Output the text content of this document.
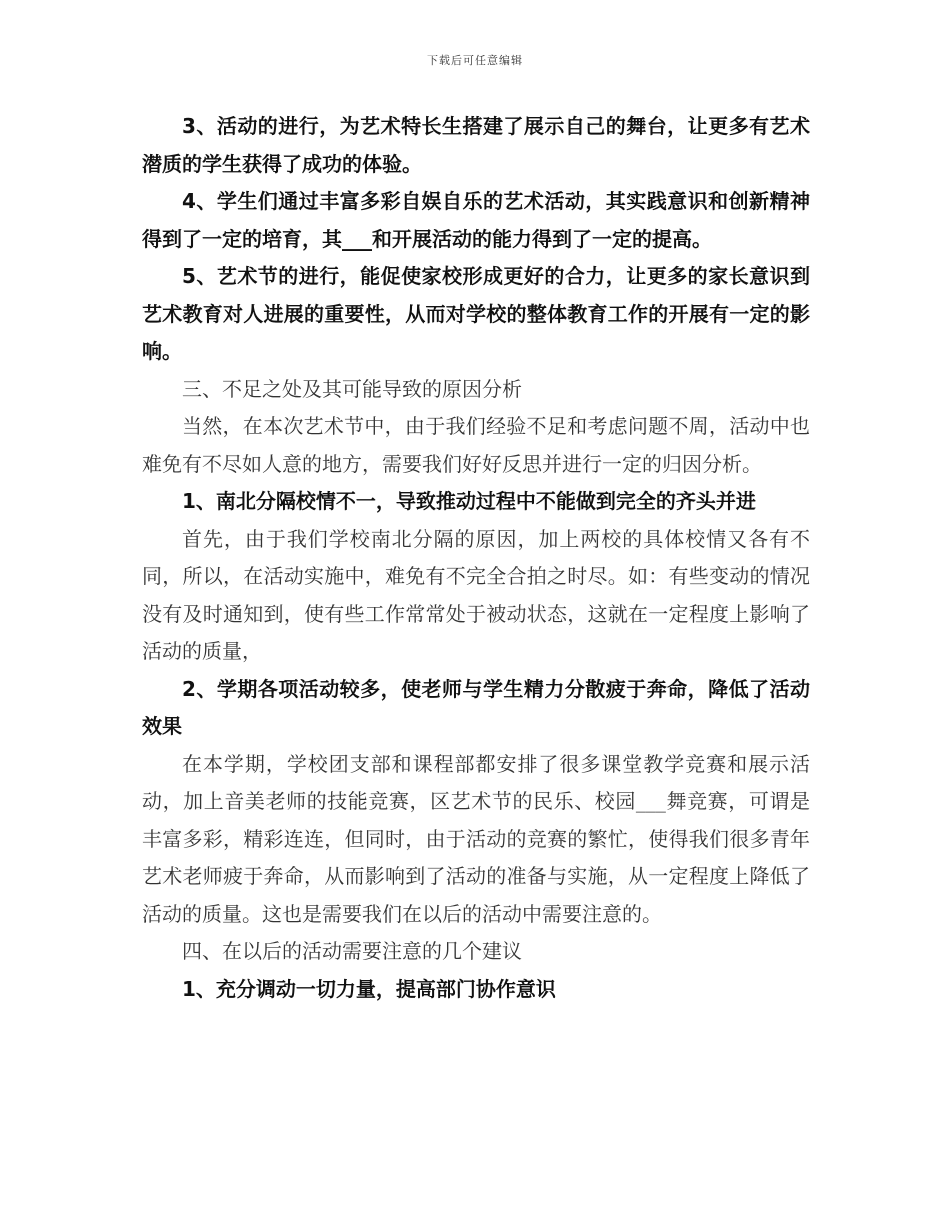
下载后可任意编辑

3、活动的进行，为艺术特长生搭建了展示自己的舞台，让更多有艺术潜质的学生获得了成功的体验。

4、学生们通过丰富多彩自娱自乐的艺术活动，其实践意识和创新精神得到了一定的培育，其___和开展活动的能力得到了一定的提高。

5、艺术节的进行，能促使家校形成更好的合力，让更多的家长意识到艺术教育对人进展的重要性，从而对学校的整体教育工作的开展有一定的影响。

三、不足之处及其可能导致的原因分析

当然，在本次艺术节中，由于我们经验不足和考虑问题不周，活动中也难免有不尽如人意的地方，需要我们好好反思并进行一定的归因分析。

1、南北分隔校情不一，导致推动过程中不能做到完全的齐头并进

首先，由于我们学校南北分隔的原因，加上两校的具体校情又各有不同，所以，在活动实施中，难免有不完全合拍之时尽。如：有些变动的情况没有及时通知到，使有些工作常常处于被动状态，这就在一定程度上影响了活动的质量，

2、学期各项活动较多，使老师与学生精力分散疲于奔命，降低了活动效果

在本学期，学校团支部和课程部都安排了很多课堂教学竞赛和展示活动，加上音美老师的技能竞赛，区艺术节的民乐、校园___舞竞赛，可谓是丰富多彩，精彩连连，但同时，由于活动的竞赛的繁忙，使得我们很多青年艺术老师疲于奔命，从而影响到了活动的准备与实施，从一定程度上降低了活动的质量。这也是需要我们在以后的活动中需要注意的。

四、在以后的活动需要注意的几个建议

1、充分调动一切力量，提高部门协作意识
